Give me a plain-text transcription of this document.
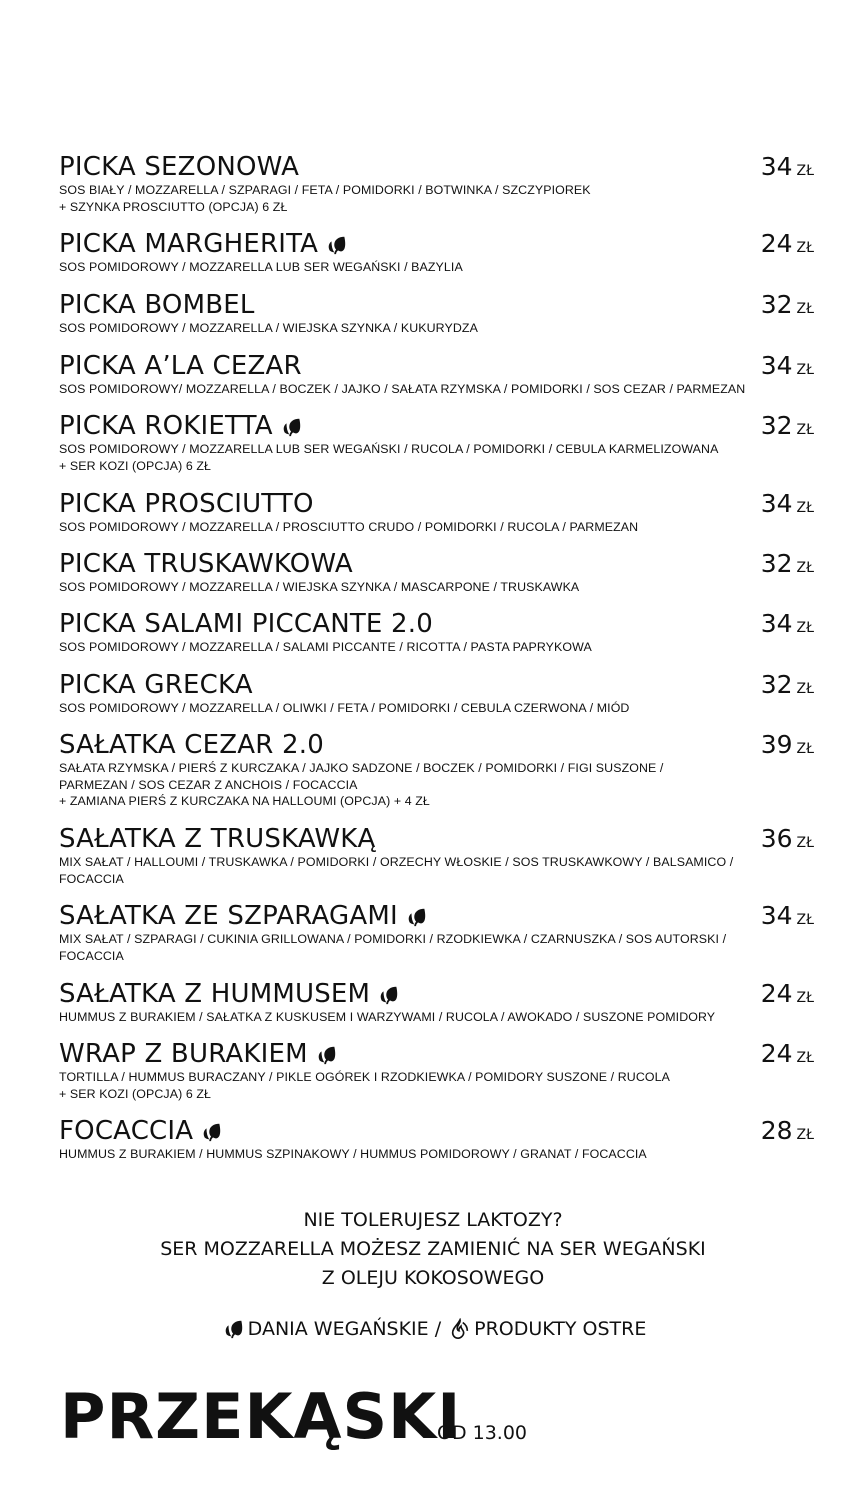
PICKA SEZONOWA	34 ZŁ
SOS BIAŁY / MOZZARELLA / SZPARAGI / FETA / POMIDORKI / BOTWINKA / SZCZYPIOREK
+ SZYNKA PROSCIUTTO (OPCJA) 6 ZŁ
PICKA MARGHERITA	24 ZŁ
SOS POMIDOROWY / MOZZARELLA LUB SER WEGAŃSKI / BAZYLIA
PICKA BOMBEL	32 ZŁ
SOS POMIDOROWY / MOZZARELLA / WIEJSKA SZYNKA / KUKURYDZA
PICKA A’LA CEZAR	34 ZŁ
SOS POMIDOROWY/ MOZZARELLA / BOCZEK / JAJKO / SAŁATA RZYMSKA / POMIDORKI / SOS CEZAR / PARMEZAN
PICKA ROKIETTA	32 ZŁ
SOS POMIDOROWY / MOZZARELLA LUB SER WEGAŃSKI / RUCOLA / POMIDORKI / CEBULA KARMELIZOWANA
+ SER KOZI (OPCJA) 6 ZŁ
PICKA PROSCIUTTO	34 ZŁ
SOS POMIDOROWY / MOZZARELLA / PROSCIUTTO CRUDO / POMIDORKI / RUCOLA / PARMEZAN
PICKA TRUSKAWKOWA	32 ZŁ
SOS POMIDOROWY / MOZZARELLA / WIEJSKA SZYNKA / MASCARPONE / TRUSKAWKA
PICKA SALAMI PICCANTE 2.0	34 ZŁ
SOS POMIDOROWY / MOZZARELLA / SALAMI PICCANTE / RICOTTA / PASTA PAPRYKOWA
PICKA GRECKA	32 ZŁ
SOS POMIDOROWY / MOZZARELLA / OLIWKI / FETA / POMIDORKI / CEBULA CZERWONA / MIÓD
SAŁATKA CEZAR 2.0	39 ZŁ
SAŁATA RZYMSKA / PIERŚ Z KURCZAKA / JAJKO SADZONE / BOCZEK / POMIDORKI / FIGI SUSZONE /
PARMEZAN / SOS CEZAR Z ANCHOIS / FOCACCIA
+ ZAMIANA PIERŚ Z KURCZAKA NA HALLOUMI (OPCJA) + 4 ZŁ
SAŁATKA Z TRUSKAWKĄ	36 ZŁ
MIX SAŁAT / HALLOUMI / TRUSKAWKA / POMIDORKI / ORZECHY WŁOSKIE / SOS TRUSKAWKOWY / BALSAMICO /
FOCACCIA
SAŁATKA ZE SZPARAGAMI	34 ZŁ
MIX SAŁAT / SZPARAGI / CUKINIA GRILLOWANA / POMIDORKI / RZODKIEWKA / CZARNUSZKA / SOS AUTORSKI /
FOCACCIA
SAŁATKA Z HUMMUSEM	24 ZŁ
HUMMUS Z BURAKIEM / SAŁATKA Z KUSKUSEM I WARZYWAMI / RUCOLA / AWOKADO / SUSZONE POMIDORY
WRAP Z BURAKIEM	24 ZŁ
TORTILLA / HUMMUS BURACZANY / PIKLE OGÓREK I RZODKIEWKA / POMIDORY SUSZONE / RUCOLA
+ SER KOZI (OPCJA) 6 ZŁ
FOCACCIA	28 ZŁ
HUMMUS Z BURAKIEM / HUMMUS SZPINAKOWY / HUMMUS POMIDOROWY / GRANAT / FOCACCIA
NIE TOLERUJESZ LAKTOZY?
SER MOZZARELLA MOŻESZ ZAMIENIĆ NA SER WEGAŃSKI
Z OLEJU KOKOSOWEGO
DANIA WEGAŃSKIE / PRODUKTY OSTRE
PRZEKĄSKI
OD 13.00
